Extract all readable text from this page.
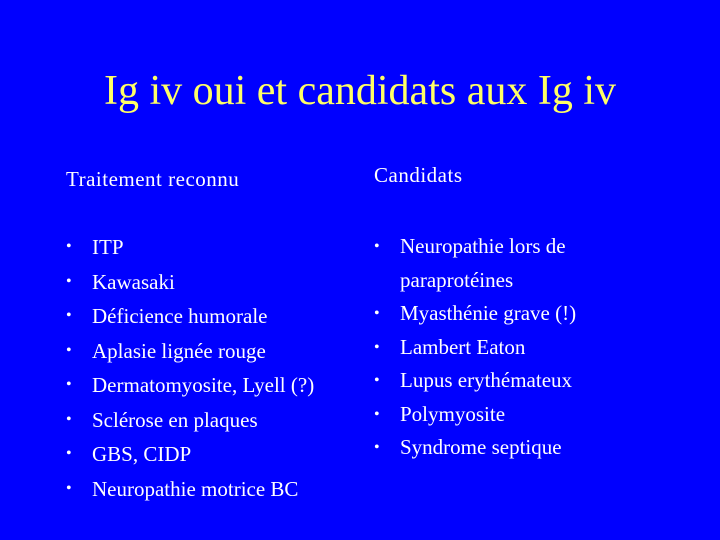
Ig iv oui et candidats aux Ig iv
Traitement reconnu	Candidats
• ITP
• Kawasaki
• Déficience humorale
• Aplasie lignée rouge
• Dermatomyosite, Lyell (?)
• Sclérose en plaques
• GBS, CIDP
• Neuropathie motrice BC
• Neuropathie lors de
paraprotéines
• Myasthénie grave (!)
• Lambert Eaton
• Lupus erythémateux
• Polymyosite
• Syndrome septique
